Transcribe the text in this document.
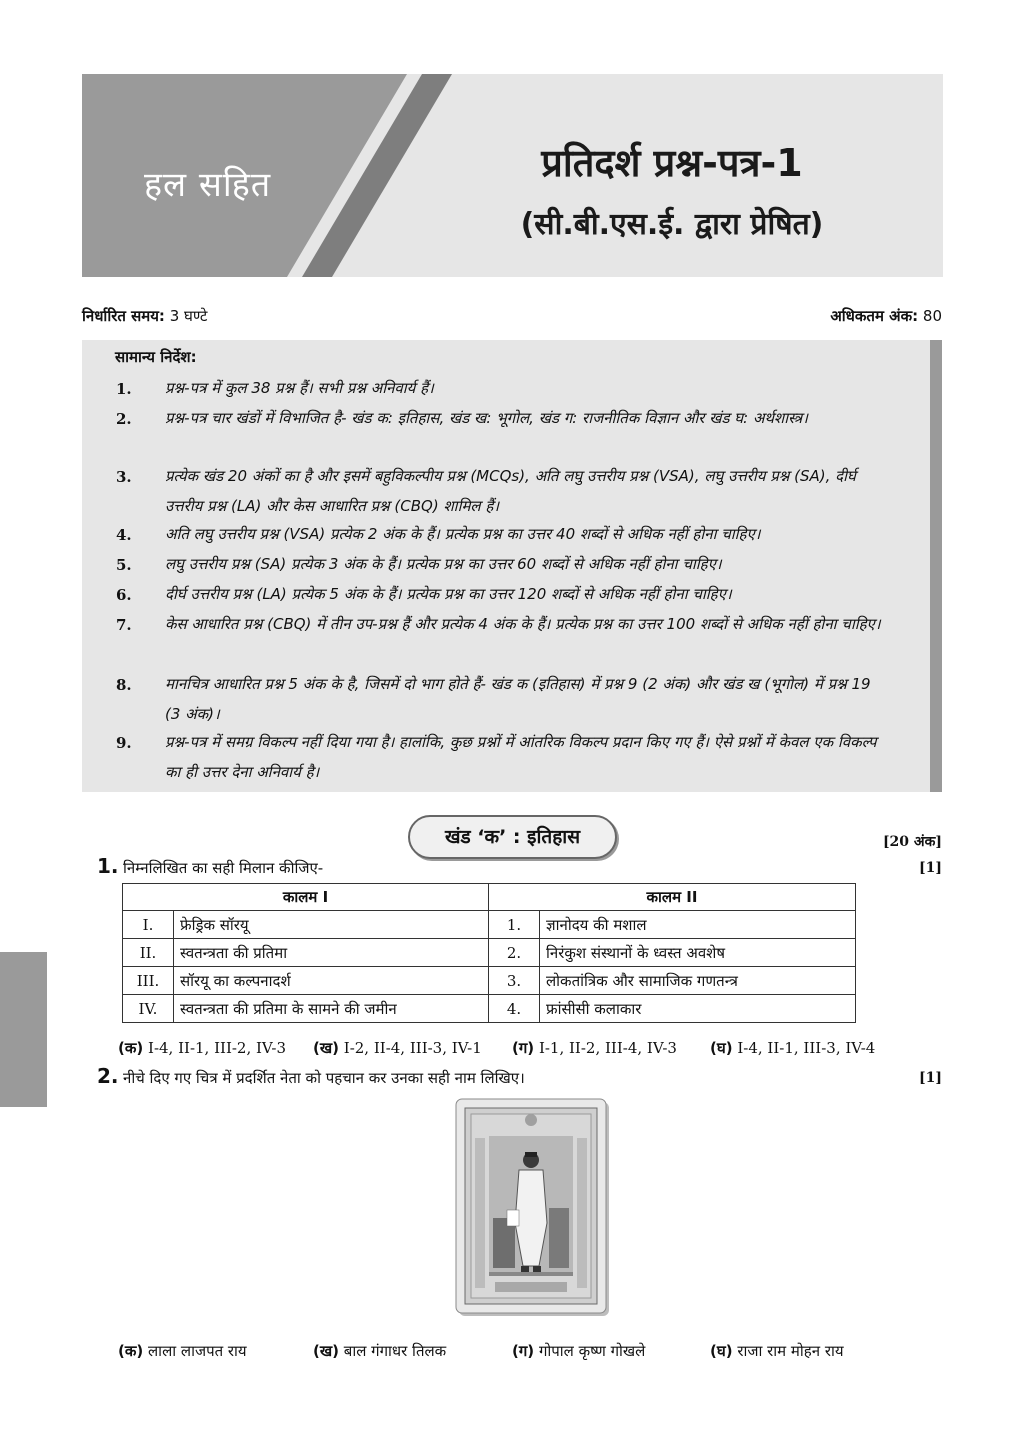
हल सहित	प्रतिदर्श प्रश्न-पत्र-1
(सी.बी.एस.ई. द्वारा प्रेषित)
निर्धारित समय: 3 घण्टे	अधिकतम अंक: 80
सामान्य निर्देश:
1. प्रश्न-पत्र में कुल 38 प्रश्न हैं। सभी प्रश्न अनिवार्य हैं।
2. प्रश्न-पत्र चार खंडों में विभाजित है- खंड क: इतिहास, खंड ख: भूगोल, खंड ग: राजनीतिक विज्ञान और खंड घ: अर्थशास्त्र।
3. प्रत्येक खंड 20 अंकों का है और इसमें बहुविकल्पीय प्रश्न (MCQs), अति लघु उत्तरीय प्रश्न (VSA), लघु उत्तरीय प्रश्न (SA), दीर्घ उत्तरीय प्रश्न (LA) और केस आधारित प्रश्न (CBQ) शामिल हैं।
4. अति लघु उत्तरीय प्रश्न (VSA) प्रत्येक 2 अंक के हैं। प्रत्येक प्रश्न का उत्तर 40 शब्दों से अधिक नहीं होना चाहिए।
5. लघु उत्तरीय प्रश्न (SA) प्रत्येक 3 अंक के हैं। प्रत्येक प्रश्न का उत्तर 60 शब्दों से अधिक नहीं होना चाहिए।
6. दीर्घ उत्तरीय प्रश्न (LA) प्रत्येक 5 अंक के हैं। प्रत्येक प्रश्न का उत्तर 120 शब्दों से अधिक नहीं होना चाहिए।
7. केस आधारित प्रश्न (CBQ) में तीन उप-प्रश्न हैं और प्रत्येक 4 अंक के हैं। प्रत्येक प्रश्न का उत्तर 100 शब्दों से अधिक नहीं होना चाहिए।
8. मानचित्र आधारित प्रश्न 5 अंक के है, जिसमें दो भाग होते हैं- खंड क (इतिहास) में प्रश्न 9 (2 अंक) और खंड ख (भूगोल) में प्रश्न 19 (3 अंक)।
9. प्रश्न-पत्र में समग्र विकल्प नहीं दिया गया है। हालांकि, कुछ प्रश्नों में आंतरिक विकल्प प्रदान किए गए हैं। ऐसे प्रश्नों में केवल एक विकल्प का ही उत्तर देना अनिवार्य है।
खंड ‘क’ : इतिहास	[20 अंक]
1. निम्नलिखित का सही मिलान कीजिए-	[1]
कालम I		कालम II	
I.	फ्रेड्रिक सॉरयू	1.	ज्ञानोदय की मशाल
II.	स्वतन्त्रता की प्रतिमा	2.	निरंकुश संस्थानों के ध्वस्त अवशेष
III.	सॉरयू का कल्पनादर्श	3.	लोकतांत्रिक और सामाजिक गणतन्त्र
IV.	स्वतन्त्रता की प्रतिमा के सामने की जमीन	4.	फ्रांसीसी कलाकार
(क) I-4, II-1, III-2, IV-3 (ख) I-2, II-4, III-3, IV-1 (ग) I-1, II-2, III-4, IV-3 (घ) I-4, II-1, III-3, IV-4
2. नीचे दिए गए चित्र में प्रदर्शित नेता को पहचान कर उनका सही नाम लिखिए।	[1]
(क) लाला लाजपत राय	(ख) बाल गंगाधर तिलक	(ग) गोपाल कृष्ण गोखले	(घ) राजा राम मोहन राय
